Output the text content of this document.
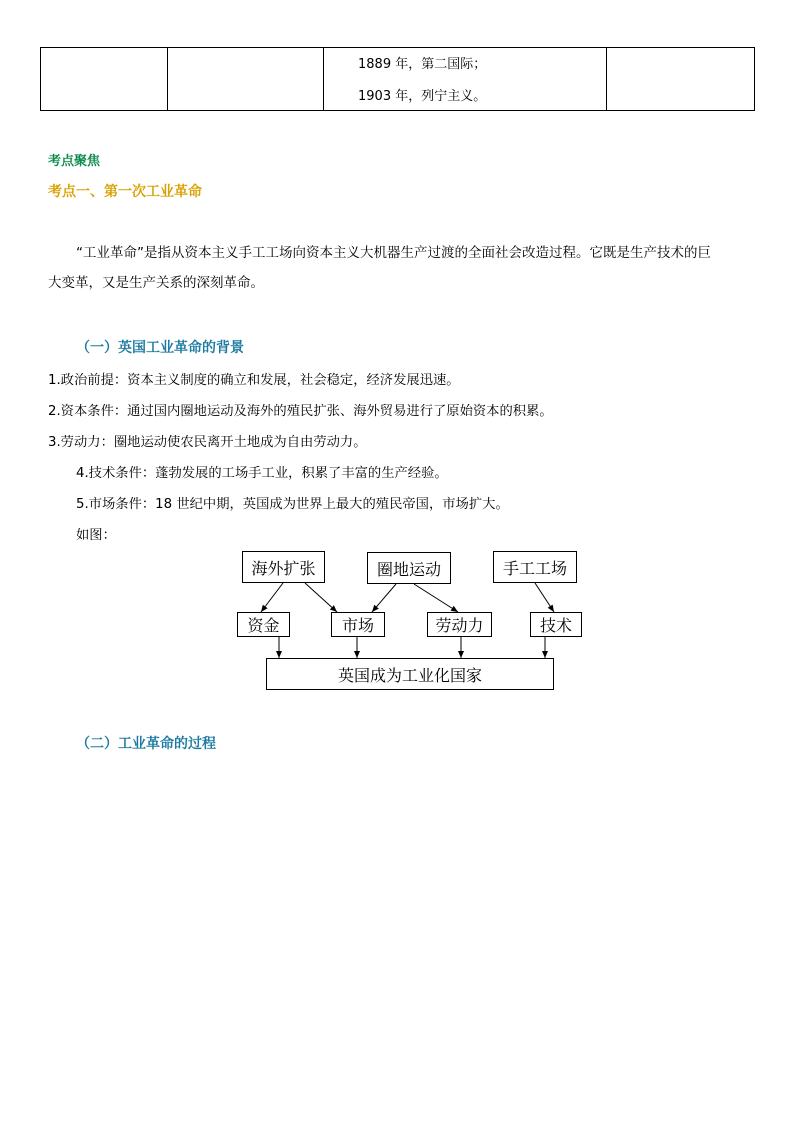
1889 年，第二国际；
1903 年，列宁主义。

考点聚焦
考点一、第一次工业革命
“工业革命”是指从资本主义手工工场向资本主义大机器生产过渡的全面社会改造过程。它既是生产技术的巨
大变革，又是生产关系的深刻革命。
（一）英国工业革命的背景
1.政治前提：资本主义制度的确立和发展，社会稳定，经济发展迅速。
2.资本条件：通过国内圈地运动及海外的殖民扩张、海外贸易进行了原始资本的积累。
3.劳动力：圈地运动使农民离开土地成为自由劳动力。
4.技术条件：蓬勃发展的工场手工业，积累了丰富的生产经验。
5.市场条件：18 世纪中期，英国成为世界上最大的殖民帝国，市场扩大。
如图：
海外扩张	圈地运动	手工工场
资金	市场	劳动力	技术
英国成为工业化国家
（二）工业革命的过程
